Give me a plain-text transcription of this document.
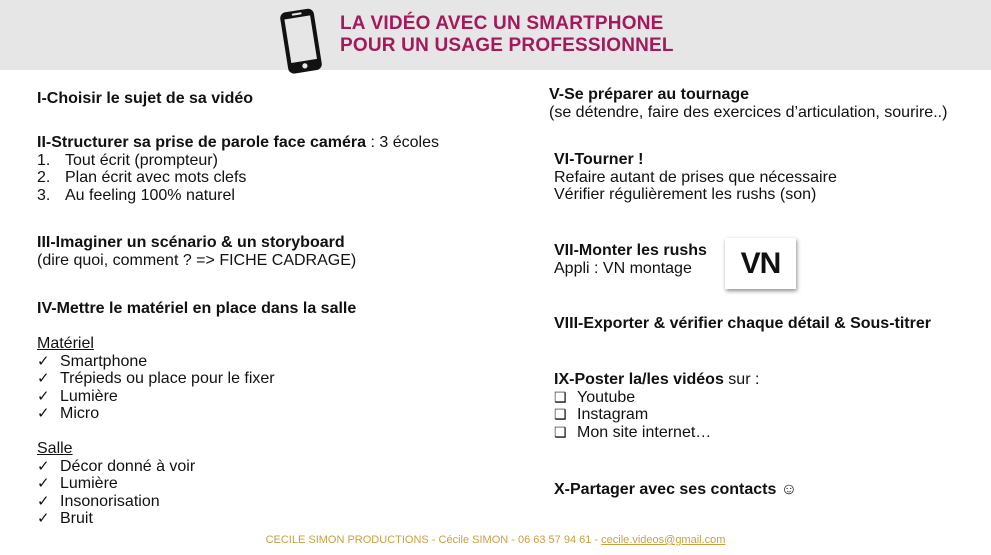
LA VIDÉO AVEC UN SMARTPHONE
POUR UN USAGE PROFESSIONNEL
I-Choisir le sujet de sa vidéo
II-Structurer sa prise de parole face caméra : 3 écoles
1. Tout écrit (prompteur)
2. Plan écrit avec mots clefs
3. Au feeling 100% naturel
III-Imaginer un scénario & un storyboard
(dire quoi, comment ? => FICHE CADRAGE)
IV-Mettre le matériel en place dans la salle
Matériel
✓ Smartphone
✓ Trépieds ou place pour le fixer
✓ Lumière
✓ Micro
Salle
✓ Décor donné à voir
✓ Lumière
✓ Insonorisation
✓ Bruit
V-Se préparer au tournage
(se détendre, faire des exercices d’articulation, sourire..)
VI-Tourner !
Refaire autant de prises que nécessaire
Vérifier régulièrement les rushs (son)
VII-Monter les rushs
Appli : VN montage	VN
VIII-Exporter & vérifier chaque détail & Sous-titrer
IX-Poster la/les vidéos sur :
❑ Youtube
❑ Instagram
❑ Mon site internet…
X-Partager avec ses contacts ☺
CECILE SIMON PRODUCTIONS - Cécile SIMON - 06 63 57 94 61 - cecile.videos@gmail.com
